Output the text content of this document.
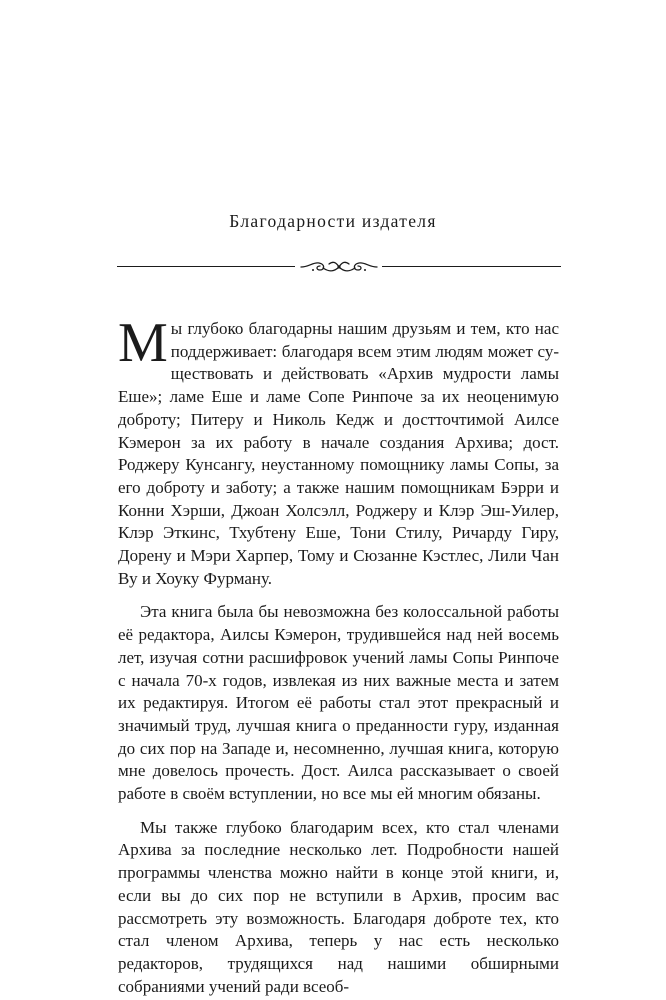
Благодарности издателя

Мы глубоко благодарны нашим друзьям и тем, кто нас поддерживает: благодаря всем этим людям может существовать и действовать «Архив мудрости ламы Еше»; ламе Еше и ламе Сопе Ринпоче за их неоценимую доброту; Питеру и Николь Кедж и достточтимой Аилсе Кэмерон за их работу в начале создания Архива; дост. Роджеру Кунсангу, неустанному помощнику ламы Сопы, за его доброту и заботу; а также нашим помощникам Бэрри и Конни Хэрши, Джоан Холсэлл, Роджеру и Клэр Эш-Уилер, Клэр Эткинс, Тхубтену Еше, Тони Стилу, Ричарду Гиру, Дорену и Мэри Харпер, Тому и Сюзанне Кэстлес, Лили Чан Ву и Хоуку Фурману.

Эта книга была бы невозможна без колоссальной работы её редактора, Аилсы Кэмерон, трудившейся над ней восемь лет, изучая сотни расшифровок учений ламы Сопы Ринпоче с начала 70-х годов, извлекая из них важные места и затем их редактируя. Итогом её работы стал этот прекрасный и значимый труд, лучшая книга о преданности гуру, изданная до сих пор на Западе и, несомненно, лучшая книга, которую мне довелось прочесть. Дост. Аилса рассказывает о своей работе в своём вступлении, но все мы ей многим обязаны.

Мы также глубоко благодарим всех, кто стал членами Архива за последние несколько лет. Подробности нашей программы членства можно найти в конце этой книги, и, если вы до сих пор не вступили в Архив, просим вас рассмотреть эту возможность. Благодаря доброте тех, кто стал членом Архива, теперь у нас есть несколько редакторов, трудящихся над нашими обширными собраниями учений ради всеоб-
